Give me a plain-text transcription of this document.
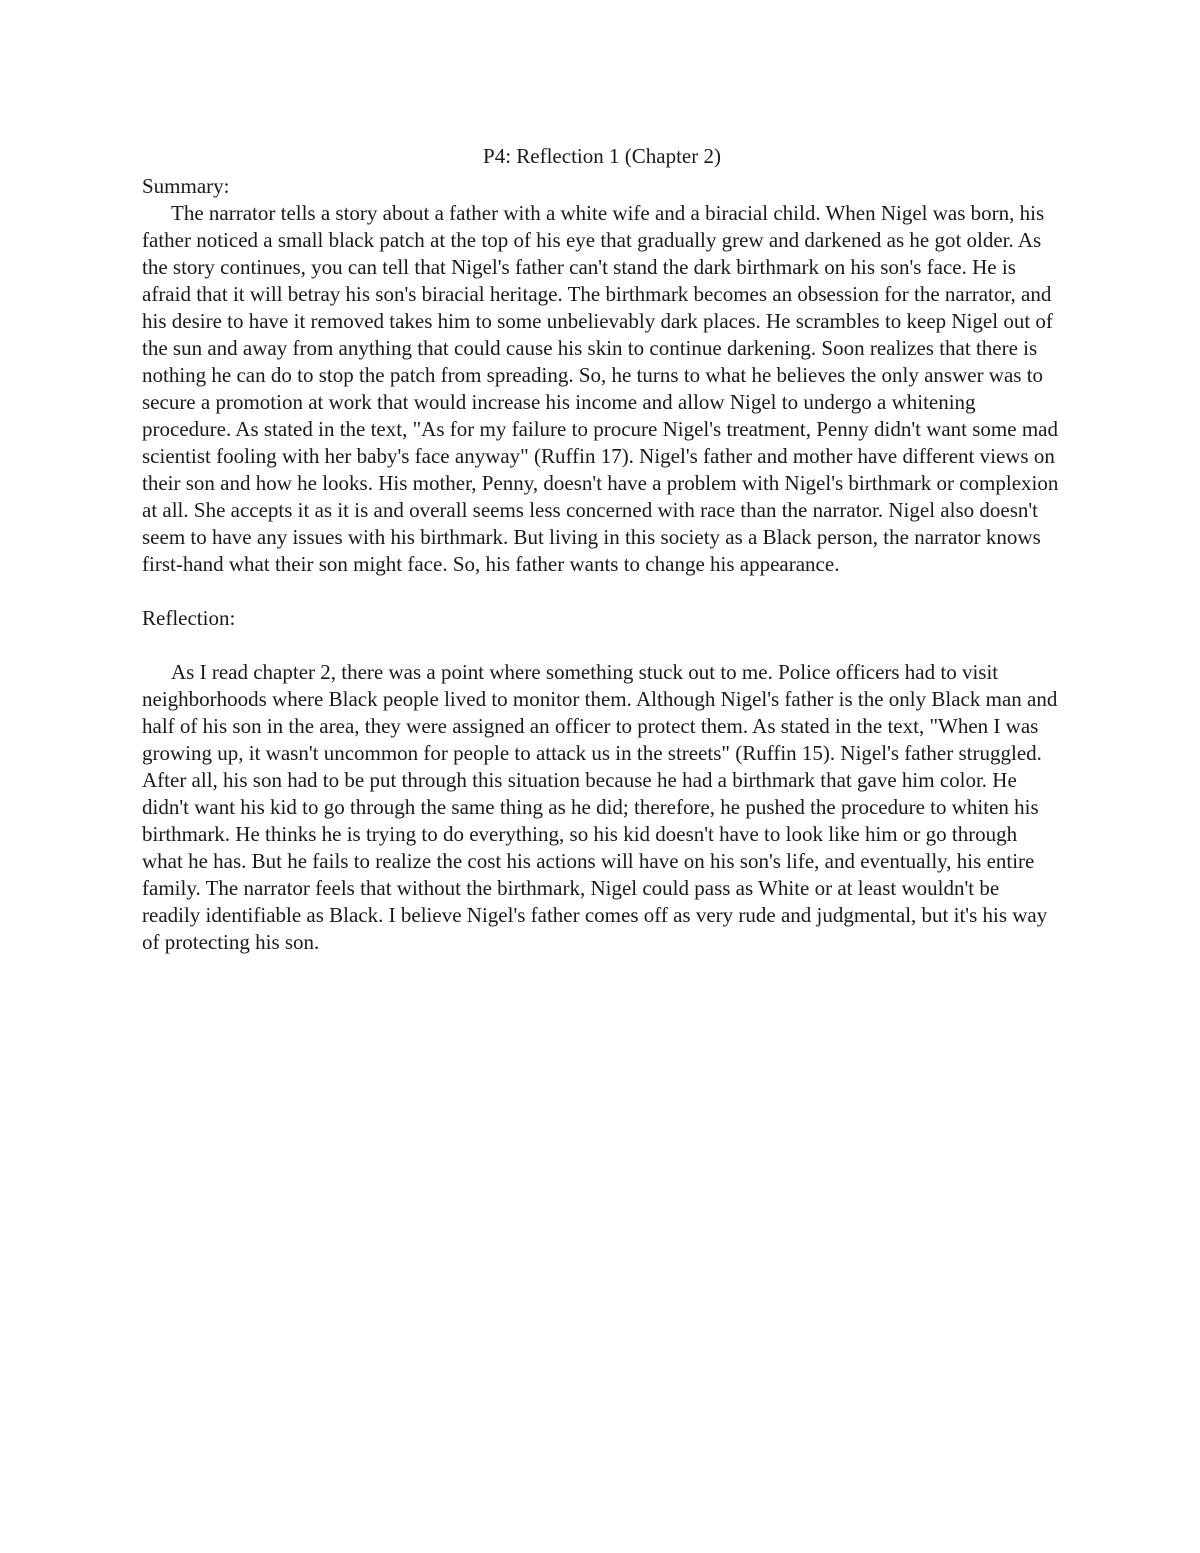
P4: Reflection 1 (Chapter 2)
Summary:

The narrator tells a story about a father with a white wife and a biracial child. When Nigel was born, his father noticed a small black patch at the top of his eye that gradually grew and darkened as he got older. As the story continues, you can tell that Nigel's father can't stand the dark birthmark on his son's face. He is afraid that it will betray his son's biracial heritage. The birthmark becomes an obsession for the narrator, and his desire to have it removed takes him to some unbelievably dark places. He scrambles to keep Nigel out of the sun and away from anything that could cause his skin to continue darkening. Soon realizes that there is nothing he can do to stop the patch from spreading. So, he turns to what he believes the only answer was to secure a promotion at work that would increase his income and allow Nigel to undergo a whitening procedure. As stated in the text, "As for my failure to procure Nigel's treatment, Penny didn't want some mad scientist fooling with her baby's face anyway" (Ruffin 17). Nigel's father and mother have different views on their son and how he looks. His mother, Penny, doesn't have a problem with Nigel's birthmark or complexion at all. She accepts it as it is and overall seems less concerned with race than the narrator. Nigel also doesn't seem to have any issues with his birthmark. But living in this society as a Black person, the narrator knows first-hand what their son might face. So, his father wants to change his appearance.

Reflection:

As I read chapter 2, there was a point where something stuck out to me. Police officers had to visit neighborhoods where Black people lived to monitor them. Although Nigel's father is the only Black man and half of his son in the area, they were assigned an officer to protect them. As stated in the text, "When I was growing up, it wasn't uncommon for people to attack us in the streets" (Ruffin 15). Nigel's father struggled. After all, his son had to be put through this situation because he had a birthmark that gave him color. He didn't want his kid to go through the same thing as he did; therefore, he pushed the procedure to whiten his birthmark. He thinks he is trying to do everything, so his kid doesn't have to look like him or go through what he has. But he fails to realize the cost his actions will have on his son's life, and eventually, his entire family. The narrator feels that without the birthmark, Nigel could pass as White or at least wouldn't be readily identifiable as Black. I believe Nigel's father comes off as very rude and judgmental, but it's his way of protecting his son.
